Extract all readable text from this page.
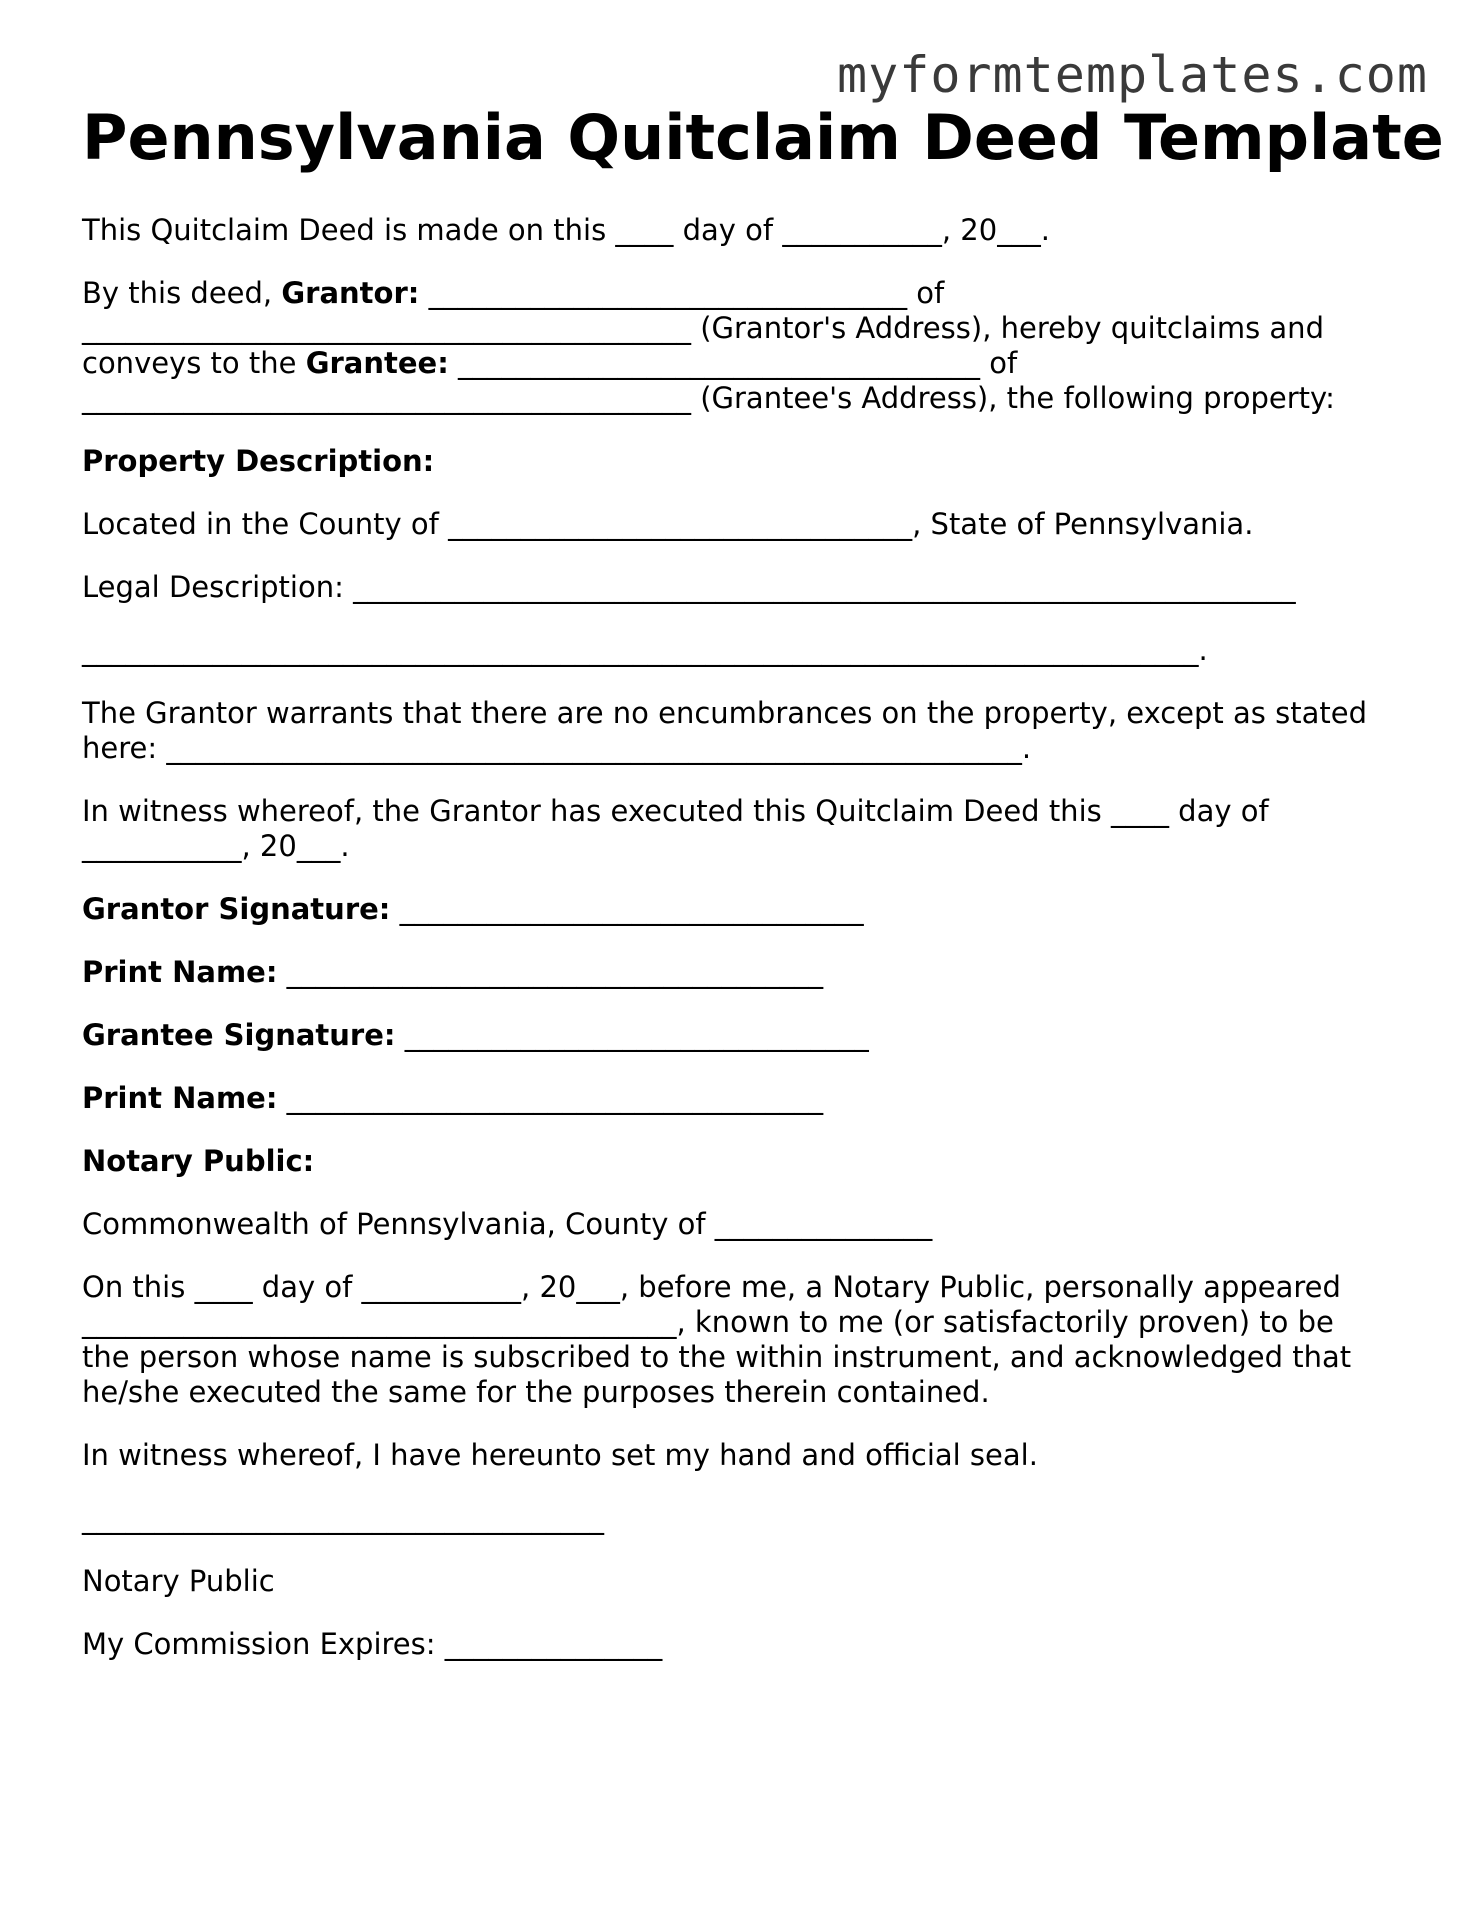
myformtemplates.com
Pennsylvania Quitclaim Deed Template

This Quitclaim Deed is made on this ____ day of ___________, 20___.

By this deed, Grantor: _________________________________ of
__________________________________________ (Grantor's Address), hereby quitclaims and
conveys to the Grantee: ____________________________________ of
__________________________________________ (Grantee's Address), the following property:

Property Description:

Located in the County of ________________________________, State of Pennsylvania.

Legal Description: _________________________________________________________________

_____________________________________________________________________________.

The Grantor warrants that there are no encumbrances on the property, except as stated
here: ___________________________________________________________.

In witness whereof, the Grantor has executed this Quitclaim Deed this ____ day of
___________, 20___.

Grantor Signature: ________________________________

Print Name: _____________________________________

Grantee Signature: ________________________________

Print Name: _____________________________________

Notary Public:

Commonwealth of Pennsylvania, County of _______________

On this ____ day of ___________, 20___, before me, a Notary Public, personally appeared
_________________________________________, known to me (or satisfactorily proven) to be
the person whose name is subscribed to the within instrument, and acknowledged that
he/she executed the same for the purposes therein contained.

In witness whereof, I have hereunto set my hand and official seal.

____________________________________

Notary Public

My Commission Expires: _______________
